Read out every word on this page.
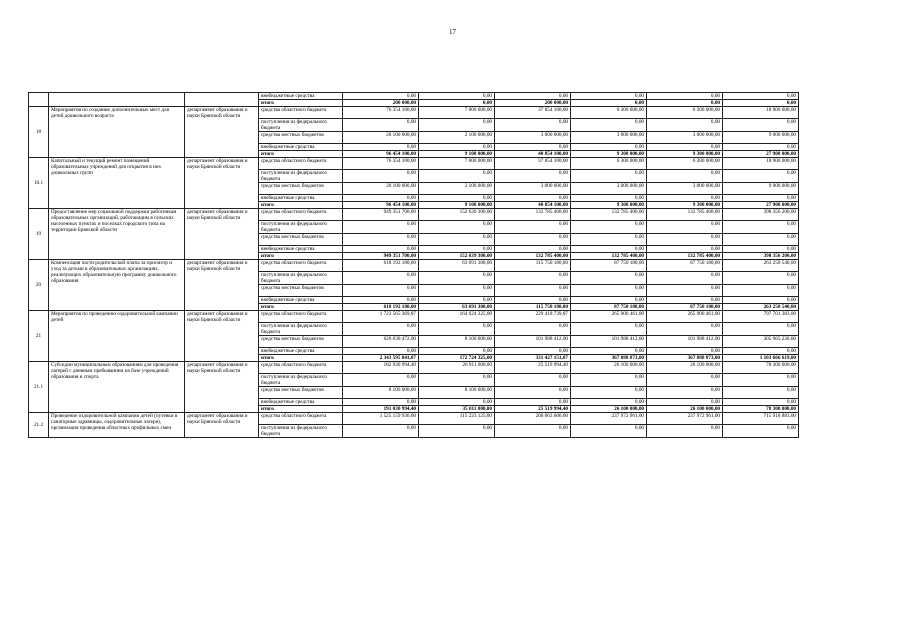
17
			внебюджетные средства	0,00	0,00	0,00	0,00	0,00	0,00
			итого	200 000,00	0,00	200 000,00	0,00	0,00	0,00
18	Мероприятия по созданию дополнительных мест для детей дошкольного возраста	департамент образования и науки Брянской области	средства областного бюджета	76 354 100,00	7 000 000,00	37 854 100,00	6 300 000,00	6 300 000,00	18 900 000,00
			поступления из федерального бюджета	0,00	0,00	0,00	0,00	0,00	0,00
			средства местных бюджетов	20 100 000,00	2 100 000,00	3 000 000,00	3 000 000,00	3 000 000,00	9 000 000,00
			внебюджетные средства	0,00	0,00	0,00	0,00	0,00	0,00
			итого	96 454 100,00	9 100 000,00	40 854 100,00	9 300 000,00	9 300 000,00	27 900 000,00
18.1	Капитальный и текущий ремонт помещений образовательных учреждений для открытия в них дошкольных групп	департамент образования и науки Брянской области	средства областного бюджета	76 354 100,00	7 000 000,00	37 854 100,00	6 300 000,00	6 300 000,00	18 900 000,00
			поступления из федерального бюджета	0,00	0,00	0,00	0,00	0,00	0,00
			средства местных бюджетов	20 100 000,00	2 100 000,00	3 000 000,00	3 000 000,00	3 000 000,00	9 000 000,00
			внебюджетные средства	0,00	0,00	0,00	0,00	0,00	0,00
			итого	96 454 100,00	9 100 000,00	40 854 100,00	9 300 000,00	9 300 000,00	27 900 000,00
19	Предоставление мер социальной поддержки работникам образовательных организаций, работающим в сельских населенных пунктах и поселках городского типа на территории Брянской области	департамент образования и науки Брянской области	средства областного бюджета	949 351 700,00	152 639 300,00	132 785 400,00	132 785 400,00	132 785 400,00	398 356 200,00
			поступления из федерального бюджета	0,00	0,00	0,00	0,00	0,00	0,00
			средства местных бюджетов	0,00	0,00	0,00	0,00	0,00	0,00
			внебюджетные средства	0,00	0,00	0,00	0,00	0,00	0,00
			итого	949 351 700,00	152 639 300,00	132 785 400,00	132 785 400,00	132 785 400,00	398 356 200,00
20	Компенсация части родительской платы за присмотр и уход за детьми в образовательных организациях, реализующих образовательную программу дошкольного образования	департамент образования и науки Брянской области	средства областного бюджета	618 192 180,00	63 691 300,00	115 750 180,00	87 750 180,00	87 750 180,00	263 250 540,00
			поступления из федерального бюджета	0,00	0,00	0,00	0,00	0,00	0,00
			средства местных бюджетов	0,00	0,00	0,00	0,00	0,00	0,00
			внебюджетные средства	0,00	0,00	0,00	0,00	0,00	0,00
			итого	618 192 180,00	63 691 300,00	115 750 180,00	87 750 180,00	87 750 180,00	263 250 540,00
21	Мероприятия по проведению оздоровительной кампании детей	департамент образования и науки Брянской области	средства областного бюджета	1 723 565 369,87	164 624 325,00	229 418 739,87	265 900 461,00	265 900 461,00	797 701 383,00
			поступления из федерального бюджета	0,00	0,00	0,00	0,00	0,00	0,00
			средства местных бюджетов	620 030 472,00	8 100 000,00	101 988 412,00	101 988 412,00	101 988 412,00	305 965 236,00
			внебюджетные средства	0,00	0,00	0,00	0,00	0,00	0,00
			итого	2 343 595 841,87	172 724 325,00	331 427 151,87	367 888 873,00	367 888 873,00	1 103 666 619,00
21.1	Субсидии муниципальным образованиям для проведения лагерей с дневным пребыванием на базе учреждений образования и спорта	департамент образования и науки Брянской области	средства областного бюджета	182 930 994,40	26 911 000,00	25 519 994,40	26 100 000,00	26 100 000,00	78 300 000,00
			поступления из федерального бюджета	0,00	0,00	0,00	0,00	0,00	0,00
			средства местных бюджетов	8 100 000,00	8 100 000,00	0,00	0,00	0,00	0,00
			внебюджетные средства	0,00	0,00	0,00	0,00	0,00	0,00
			итого	191 030 994,40	35 011 000,00	25 519 994,40	26 100 000,00	26 100 000,00	78 300 000,00
21.2	Проведение оздоровительной кампании детей (путевки в санаторные здравницы, оздоровительные лагеря), организация проведения областных профильных смен	департамент образования и науки Брянской области	средства областного бюджета	1 525 159 936,00	115 223 125,00	200 063 606,00	237 972 961,00	237 972 961,00	715 918 883,00
			поступления из федерального бюджета	0,00	0,00	0,00	0,00	0,00	0,00
